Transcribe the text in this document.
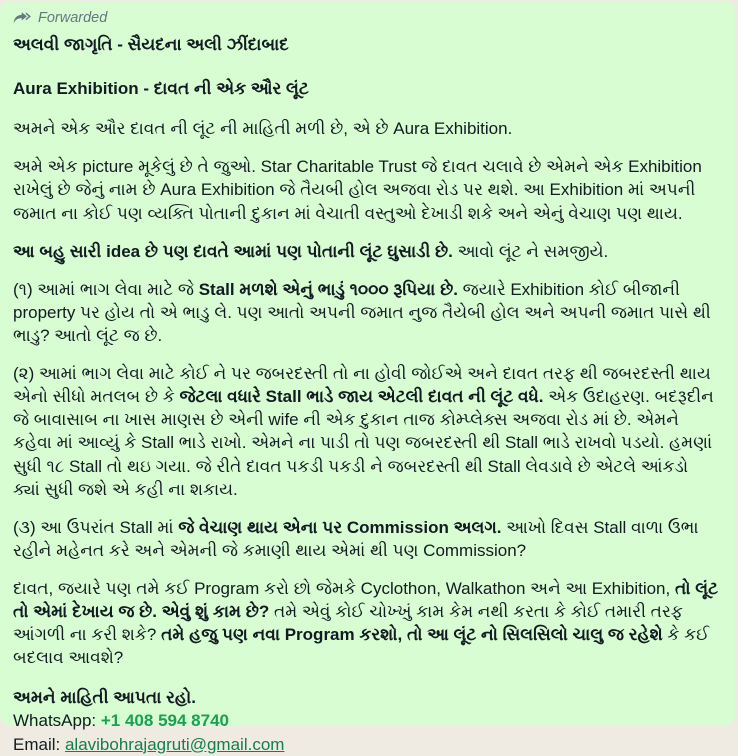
Forwarded
અલવી જાગૃતિ - સૈયદના અલી ઝીંદાબાદ
Aura Exhibition - દાવત ની એક ઔર લૂંટ
અમને એક ઔર દાવત ની લૂંટ ની માહિતી મળી છે, એ છે Aura Exhibition.
અમે એક picture મૂકેલું છે તે જુઓ. Star Charitable Trust જે દાવત ચલાવે છે એમને એક Exhibition રાખેલું છે જેનું નામ છે Aura Exhibition જે તૈયબી હોલ અજવા રોડ પર થશે. આ Exhibition માં અપની જમાત ના કોઈ પણ વ્યક્તિ પોતાની દુકાન માં વેચાતી વસ્તુઓ દેખાડી શકે અને એનું વેચાણ પણ થાય.
આ બહુ સારી idea છે પણ દાવતે આમાં પણ પોતાની લૂંટ ઘુસાડી છે. આવો લૂંટ ને સમજીયે.
(૧) આમાં ભાગ લેવા માટે જે Stall મળશે એનું ભાડું ૧૦૦૦ રૂપિયા છે. જયારે Exhibition કોઈ બીજાની property પર હોય તો એ ભાડુ લે. પણ આતો અપની જમાત નુજ તૈયેબી હોલ અને અપની જમાત પાસે થી ભાડુ? આતો લૂંટ જ છે.
(૨) આમાં ભાગ લેવા માટે કોઈ ને પર જબરદસ્તી તો ના હોવી જોઈએ અને દાવત તરફ થી જબરદસ્તી થાય એનો સીધો મતલબ છે કે જેટલા વધારે Stall ભાડે જાય એટલી દાવત ની લૂંટ વધે. એક ઉદાહરણ. બદરૂદીન જે બાવાસાબ ના ખાસ માણસ છે એની wife ની એક દુકાન તાજ કોમ્પ્લેક્સ અજવા રોડ માં છે. એમને કહેવા માં આવ્યું કે Stall ભાડે રાખો. એમને ના પાડી તો પણ જબરદસ્તી થી Stall ભાડે રાખવો પડયો. હમણાં સુધી ૧૮ Stall તો થઇ ગયા. જે રીતે દાવત પકડી પકડી ને જબરદસ્તી થી Stall લેવડાવે છે એટલે આંકડો ક્યાં સુધી જશે એ કહી ના શકાય.
(૩) આ ઉપરાંત Stall માં જે વેચાણ થાય એના પર Commission અલગ. આખો દિવસ Stall વાળા ઉભા રહીને મહેનત કરે અને એમની જે કમાણી થાય એમાં થી પણ Commission?
દાવત, જયારે પણ તમે કઈ Program કરો છો જેમકે Cyclothon, Walkathon અને આ Exhibition, તો લૂંટ તો એમાં દેખાય જ છે. એવું શું કામ છે? તમે એવું કોઈ ચોખ્ખું કામ કેમ નથી કરતા કે કોઈ તમારી તરફ આંગળી ના કરી શકે? તમે હજુ પણ નવા Program કરશો, તો આ લૂંટ નો સિલસિલો ચાલુ જ રહેશે કે કઈ બદલાવ આવશે?
અમને માહિતી આપતા રહો.
WhatsApp: +1 408 594 8740
Email: alavibohrajagruti@gmail.com
